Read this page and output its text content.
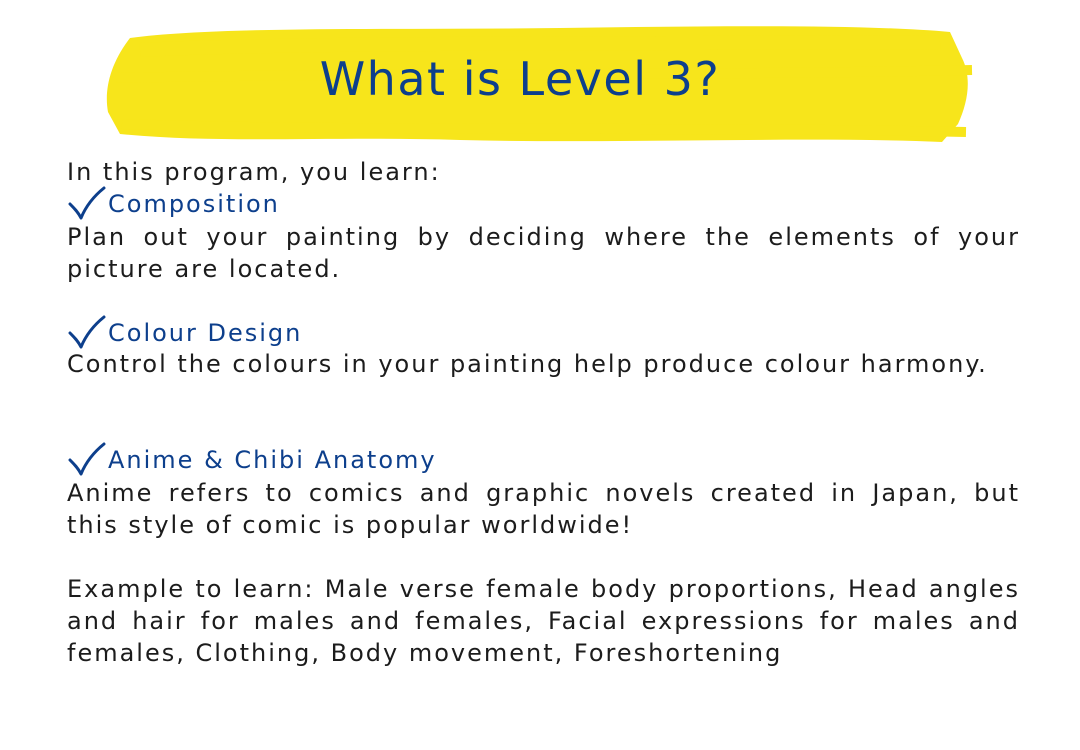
What is Level 3?
In this program, you learn:
Composition
Plan out your painting by deciding where the elements of your picture are located.
Colour Design
Control the colours in your painting help produce colour harmony.
Anime & Chibi Anatomy
Anime refers to comics and graphic novels created in Japan, but this style of comic is popular worldwide!
Example to learn: Male verse female body proportions, Head angles and hair for males and females, Facial expressions for males and females, Clothing, Body movement, Foreshortening
